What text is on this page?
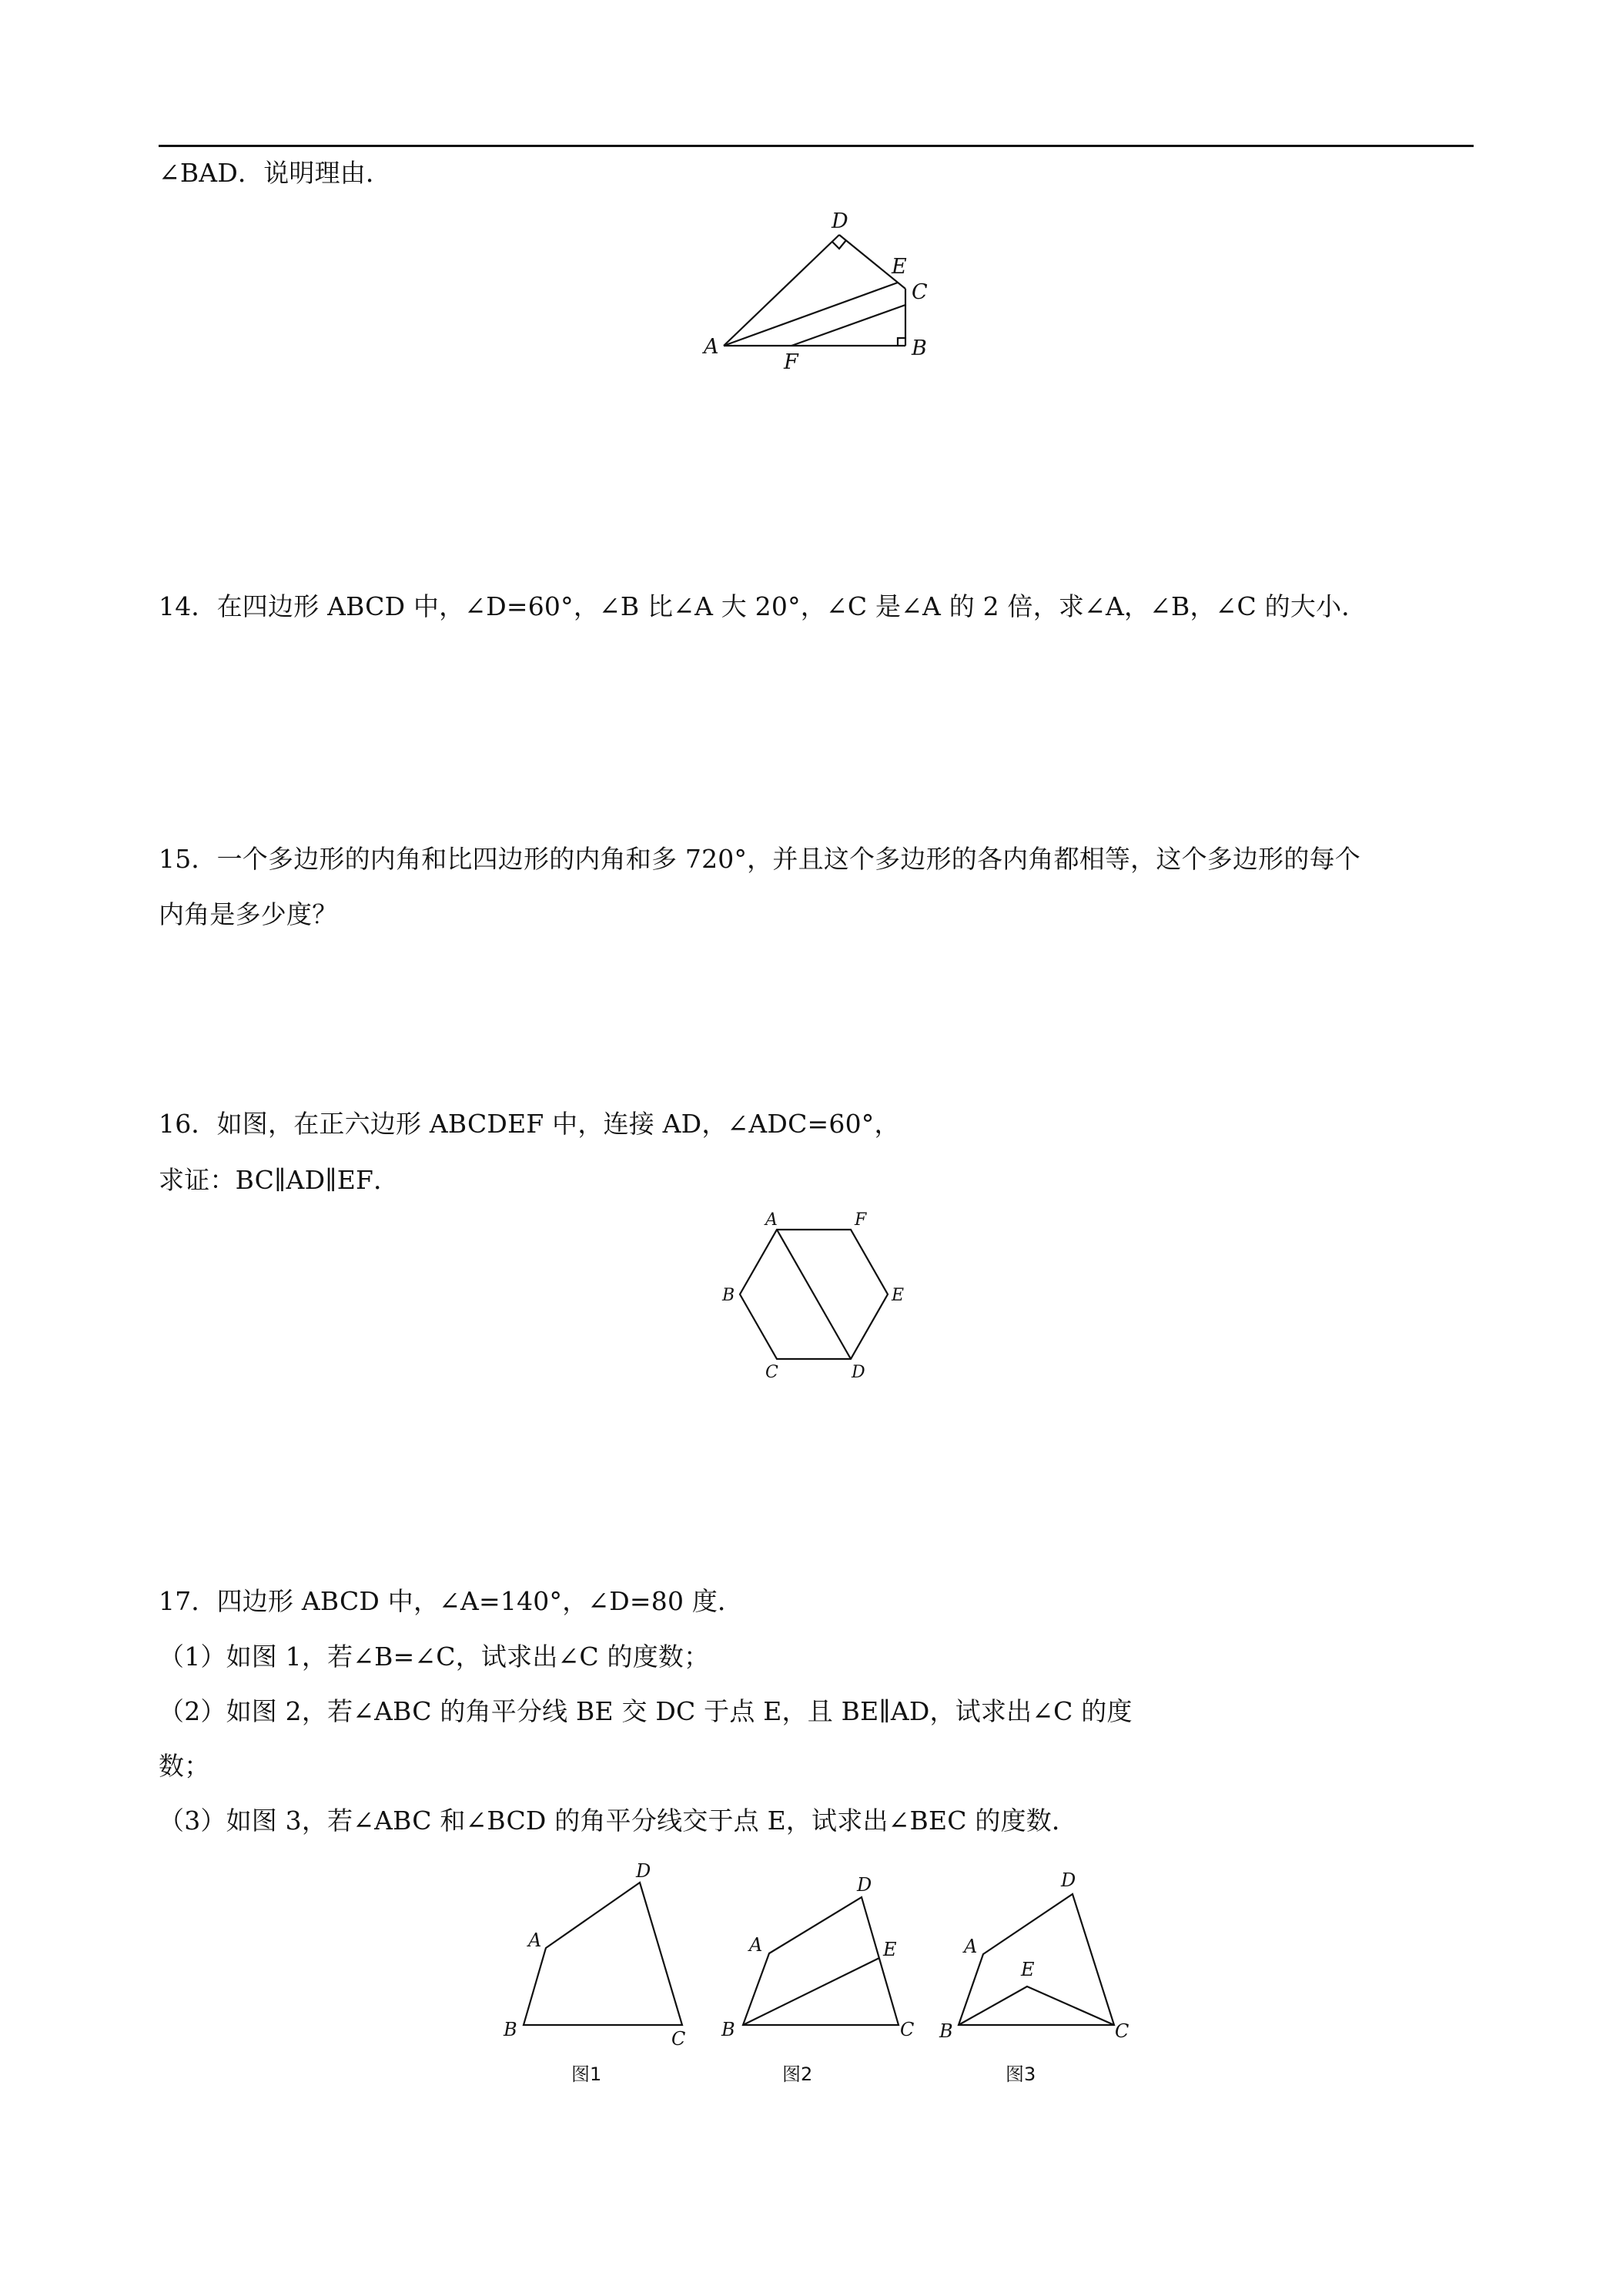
∠BAD．说明理由．
A	B
C
D
E
F
14．在四边形 ABCD 中，∠D=60°，∠B 比∠A 大 20°，∠C 是∠A 的 2 倍，求∠A，∠B，∠C 的大小．
15．一个多边形的内角和比四边形的内角和多 720°，并且这个多边形的各内角都相等，这个多边形的每个
内角是多少度？
16．如图，在正六边形 ABCDEF 中，连接 AD，∠ADC=60°，
求证：BC∥AD∥EF．
A	F
B	E
C	D
17．四边形 ABCD 中，∠A=140°，∠D=80 度．
（1）如图 1，若∠B=∠C，试求出∠C 的度数；
（2）如图 2，若∠ABC 的角平分线 BE 交 DC 于点 E，且 BE∥AD，试求出∠C 的度
数；
（3）如图 3，若∠ABC 和∠BCD 的角平分线交于点 E，试求出∠BEC 的度数．
A
D
B	C
图1
A
D
E
B	C
图2
A
D
E
B	C
图3
